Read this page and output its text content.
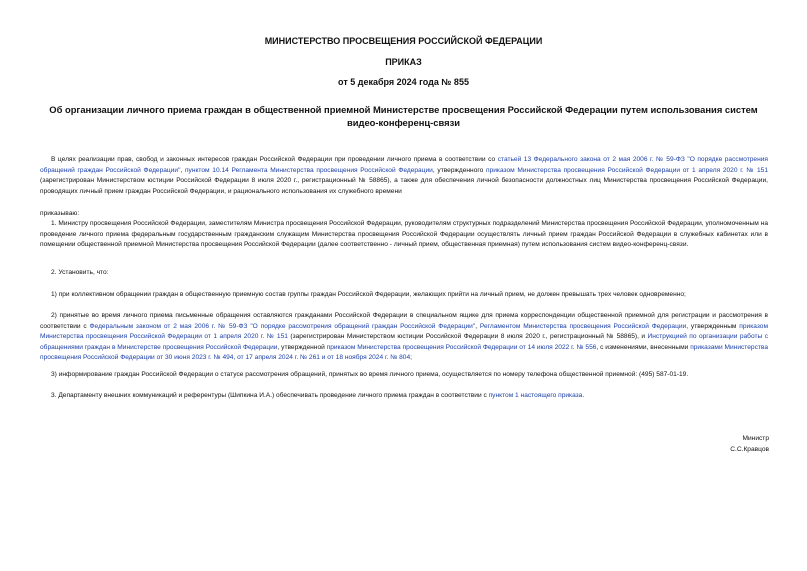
МИНИСТЕРСТВО ПРОСВЕЩЕНИЯ РОССИЙСКОЙ ФЕДЕРАЦИИ
ПРИКАЗ
от 5 декабря 2024 года № 855
Об организации личного приема граждан в общественной приемной Министерстве просвещения Российской Федерации путем использования систем видео-конференц-связи

В целях реализации прав, свобод и законных интересов граждан Российской Федерации при проведении личного приема в соответствии со статьей 13 Федерального закона от 2 мая 2006 г. № 59-ФЗ "О порядке рассмотрения обращений граждан Российской Федерации", пунктом 10.14 Регламента Министерства просвещения Российской Федерации, утвержденного приказом Министерства просвещения Российской Федерации от 1 апреля 2020 г. № 151 (зарегистрирован Министерством юстиции Российской Федерации 8 июля 2020 г., регистрационный № 58865), а также для обеспечения личной безопасности должностных лиц Министерства просвещения Российской Федерации, проводящих личный прием граждан Российской Федерации, и рационального использования их служебного времени

приказываю:

1. Министру просвещения Российской Федерации, заместителям Министра просвещения Российской Федерации, руководителям структурных подразделений Министерства просвещения Российской Федерации, уполномоченным на проведение личного приема федеральным государственным гражданским служащим Министерства просвещения Российской Федерации осуществлять личный прием граждан Российской Федерации в служебных кабинетах или в помещении общественной приемной Министерства просвещения Российской Федерации (далее соответственно - личный прием, общественная приемная) путем использования систем видео-конференц-связи.

2. Установить, что:

1) при коллективном обращении граждан в общественную приемную состав группы граждан Российской Федерации, желающих прийти на личный прием, не должен превышать трех человек одновременно;

2) принятые во время личного приема письменные обращения оставляются гражданами Российской Федерации в специальном ящике для приема корреспонденции общественной приемной для регистрации и рассмотрения в соответствии с Федеральным законом от 2 мая 2006 г. № 59-ФЗ "О порядке рассмотрения обращений граждан Российской Федерации", Регламентом Министерства просвещения Российской Федерации, утвержденным приказом Министерства просвещения Российской Федерации от 1 апреля 2020 г. № 151 (зарегистрирован Министерством юстиции Российской Федерации 8 июля 2020 г., регистрационный № 58865), и Инструкцией по организации работы с обращениями граждан в Министерстве просвещения Российской Федерации, утвержденной приказом Министерства просвещения Российской Федерации от 14 июля 2022 г. № 556, с изменениями, внесенными приказами Министерства просвещения Российской Федерации от 30 июня 2023 г. № 494, от 17 апреля 2024 г. № 261 и от 18 ноября 2024 г. № 804;

3) информирование граждан Российской Федерации о статусе рассмотрения обращений, принятых во время личного приема, осуществляется по номеру телефона общественной приемной: (495) 587-01-19.

3. Департаменту внешних коммуникаций и референтуры (Шипкина И.А.) обеспечивать проведение личного приема граждан в соответствии с пунктом 1 настоящего приказа.

Министр
С.С.Кравцов
